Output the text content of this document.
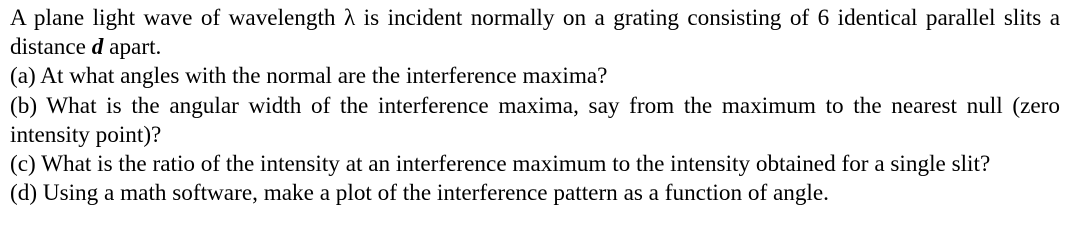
A plane light wave of wavelength λ is incident normally on a grating consisting of 6 identical parallel slits a distance d apart.

(a) At what angles with the normal are the interference maxima?

(b) What is the angular width of the interference maxima, say from the maximum to the nearest null (zero intensity point)?

(c) What is the ratio of the intensity at an interference maximum to the intensity obtained for a single slit?

(d) Using a math software, make a plot of the interference pattern as a function of angle.
